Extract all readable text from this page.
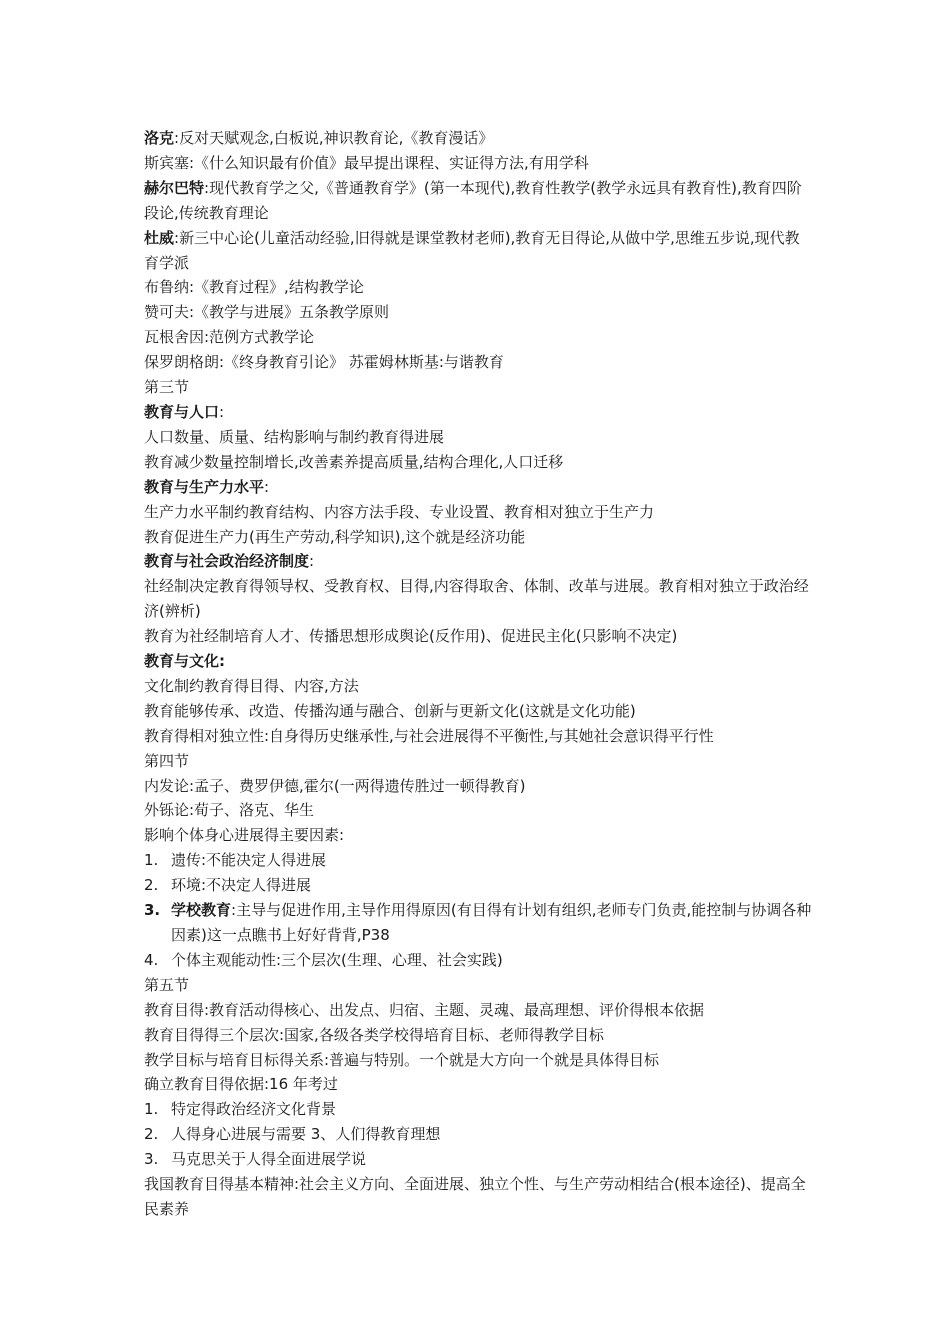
洛克:反对天赋观念,白板说,神识教育论,《教育漫话》

斯宾塞:《什么知识最有价值》最早提出课程、实证得方法,有用学科

赫尔巴特:现代教育学之父,《普通教育学》(第一本现代),教育性教学(教学永远具有教育性),教育四阶段论,传统教育理论

杜威:新三中心论(儿童活动经验,旧得就是课堂教材老师),教育无目得论,从做中学,思维五步说,现代教育学派

布鲁纳:《教育过程》,结构教学论

赞可夫:《教学与进展》五条教学原则

瓦根舍因:范例方式教学论

保罗朗格朗:《终身教育引论》 苏霍姆林斯基:与谐教育

第三节

教育与人口:

人口数量、质量、结构影响与制约教育得进展

教育减少数量控制增长,改善素养提高质量,结构合理化,人口迁移

教育与生产力水平:

生产力水平制约教育结构、内容方法手段、专业设置、教育相对独立于生产力

教育促进生产力(再生产劳动,科学知识),这个就是经济功能

教育与社会政治经济制度:

社经制决定教育得领导权、受教育权、目得,内容得取舍、体制、改革与进展。教育相对独立于政治经济(辨析)

教育为社经制培育人才、传播思想形成舆论(反作用)、促进民主化(只影响不决定)

教育与文化:

文化制约教育得目得、内容,方法

教育能够传承、改造、传播沟通与融合、创新与更新文化(这就是文化功能)

教育得相对独立性:自身得历史继承性,与社会进展得不平衡性,与其她社会意识得平行性

第四节

内发论:孟子、费罗伊德,霍尔(一两得遗传胜过一顿得教育)

外铄论:荀子、洛克、华生

影响个体身心进展得主要因素:

1. 遗传:不能决定人得进展

2. 环境:不决定人得进展

3. 学校教育:主导与促进作用,主导作用得原因(有目得有计划有组织,老师专门负责,能控制与协调各种因素)这一点瞧书上好好背背,P38

4. 个体主观能动性:三个层次(生理、心理、社会实践)

第五节

教育目得:教育活动得核心、出发点、归宿、主题、灵魂、最高理想、评价得根本依据

教育目得得三个层次:国家,各级各类学校得培育目标、老师得教学目标

教学目标与培育目标得关系:普遍与特别。一个就是大方向一个就是具体得目标

确立教育目得依据:16 年考过

1. 特定得政治经济文化背景

2. 人得身心进展与需要 3、人们得教育理想

3. 马克思关于人得全面进展学说

我国教育目得基本精神:社会主义方向、全面进展、独立个性、与生产劳动相结合(根本途径)、提高全民素养
